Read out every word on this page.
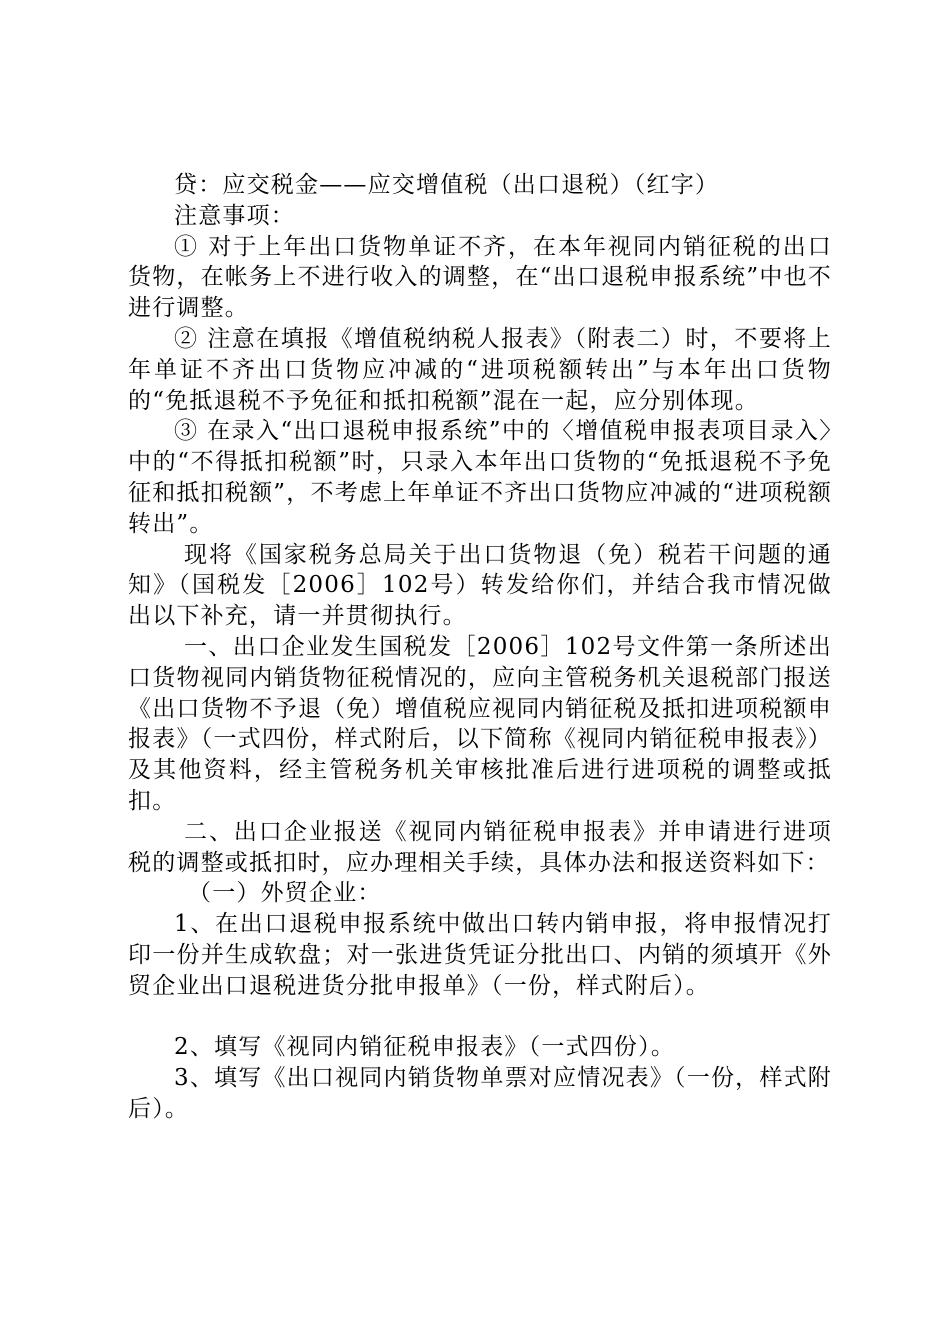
贷：应交税金——应交增值税（出口退税）（红字）

注意事项：

① 对于上年出口货物单证不齐，在本年视同内销征税的出口货物，在帐务上不进行收入的调整，在“出口退税申报系统”中也不进行调整。

② 注意在填报《增值税纳税人报表》（附表二）时，不要将上年单证不齐出口货物应冲减的“进项税额转出”与本年出口货物的“免抵退税不予免征和抵扣税额”混在一起，应分别体现。

③ 在录入“出口退税申报系统”中的〈增值税申报表项目录入〉中的“不得抵扣税额”时，只录入本年出口货物的“免抵退税不予免征和抵扣税额”，不考虑上年单证不齐出口货物应冲减的“进项税额转出”。

现将《国家税务总局关于出口货物退（免）税若干问题的通知》（国税发［2006］102号）转发给你们，并结合我市情况做出以下补充，请一并贯彻执行。

一、出口企业发生国税发［2006］102号文件第一条所述出口货物视同内销货物征税情况的，应向主管税务机关退税部门报送《出口货物不予退（免）增值税应视同内销征税及抵扣进项税额申报表》（一式四份，样式附后，以下简称《视同内销征税申报表》）及其他资料，经主管税务机关审核批准后进行进项税的调整或抵扣。

二、出口企业报送《视同内销征税申报表》并申请进行进项税的调整或抵扣时，应办理相关手续，具体办法和报送资料如下：

（一）外贸企业：

1、在出口退税申报系统中做出口转内销申报，将申报情况打印一份并生成软盘；对一张进货凭证分批出口、内销的须填开《外贸企业出口退税进货分批申报单》（一份，样式附后）。

2、填写《视同内销征税申报表》（一式四份）。

3、填写《出口视同内销货物单票对应情况表》（一份，样式附后）。
